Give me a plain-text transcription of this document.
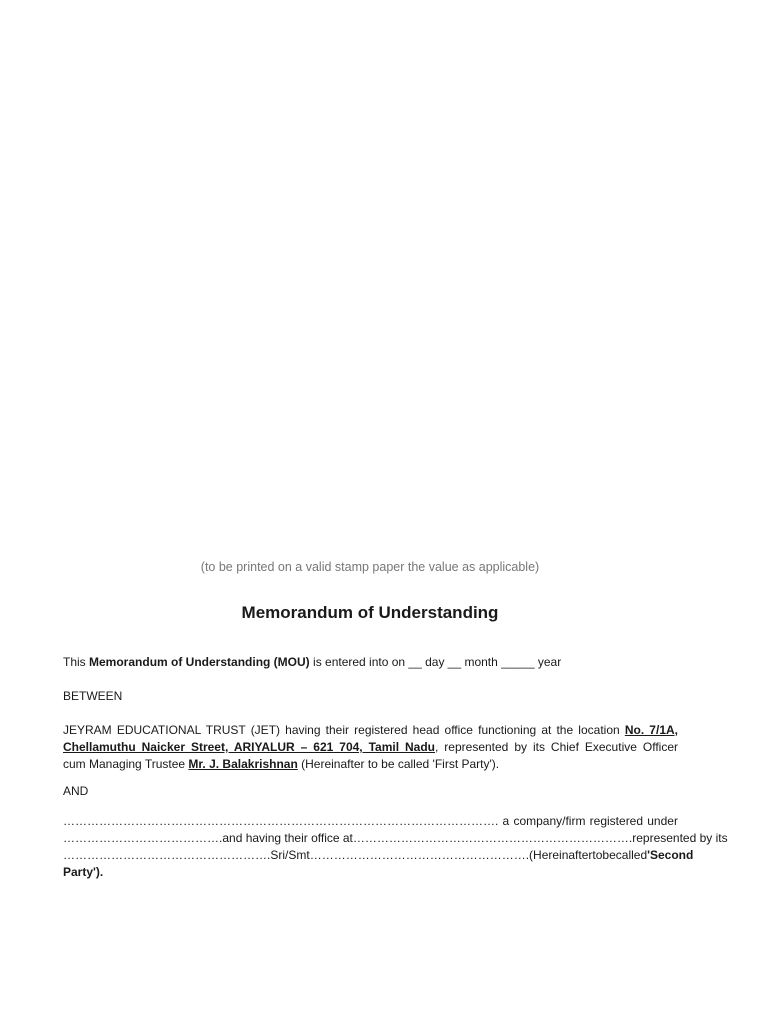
(to be printed on a valid stamp paper the value as applicable)
Memorandum of Understanding
This Memorandum of Understanding (MOU) is entered into on __ day __ month _____ year
BETWEEN
JEYRAM EDUCATIONAL TRUST (JET) having their registered head office functioning at the location No. 7/1A,
Chellamuthu Naicker Street, ARIYALUR – 621 704, Tamil Nadu, represented by its Chief Executive Officer
cum Managing Trustee Mr. J. Balakrishnan (Hereinafter to be called 'First Party').
AND
………………………………………………………………………………………………. a company/firm registered under
…………………………………. and having their office at ……………………………………………………………. represented by its
……………………………………………. Sri/Smt ………………………………………………. (Hereinafter to be called 'Second
Party').
